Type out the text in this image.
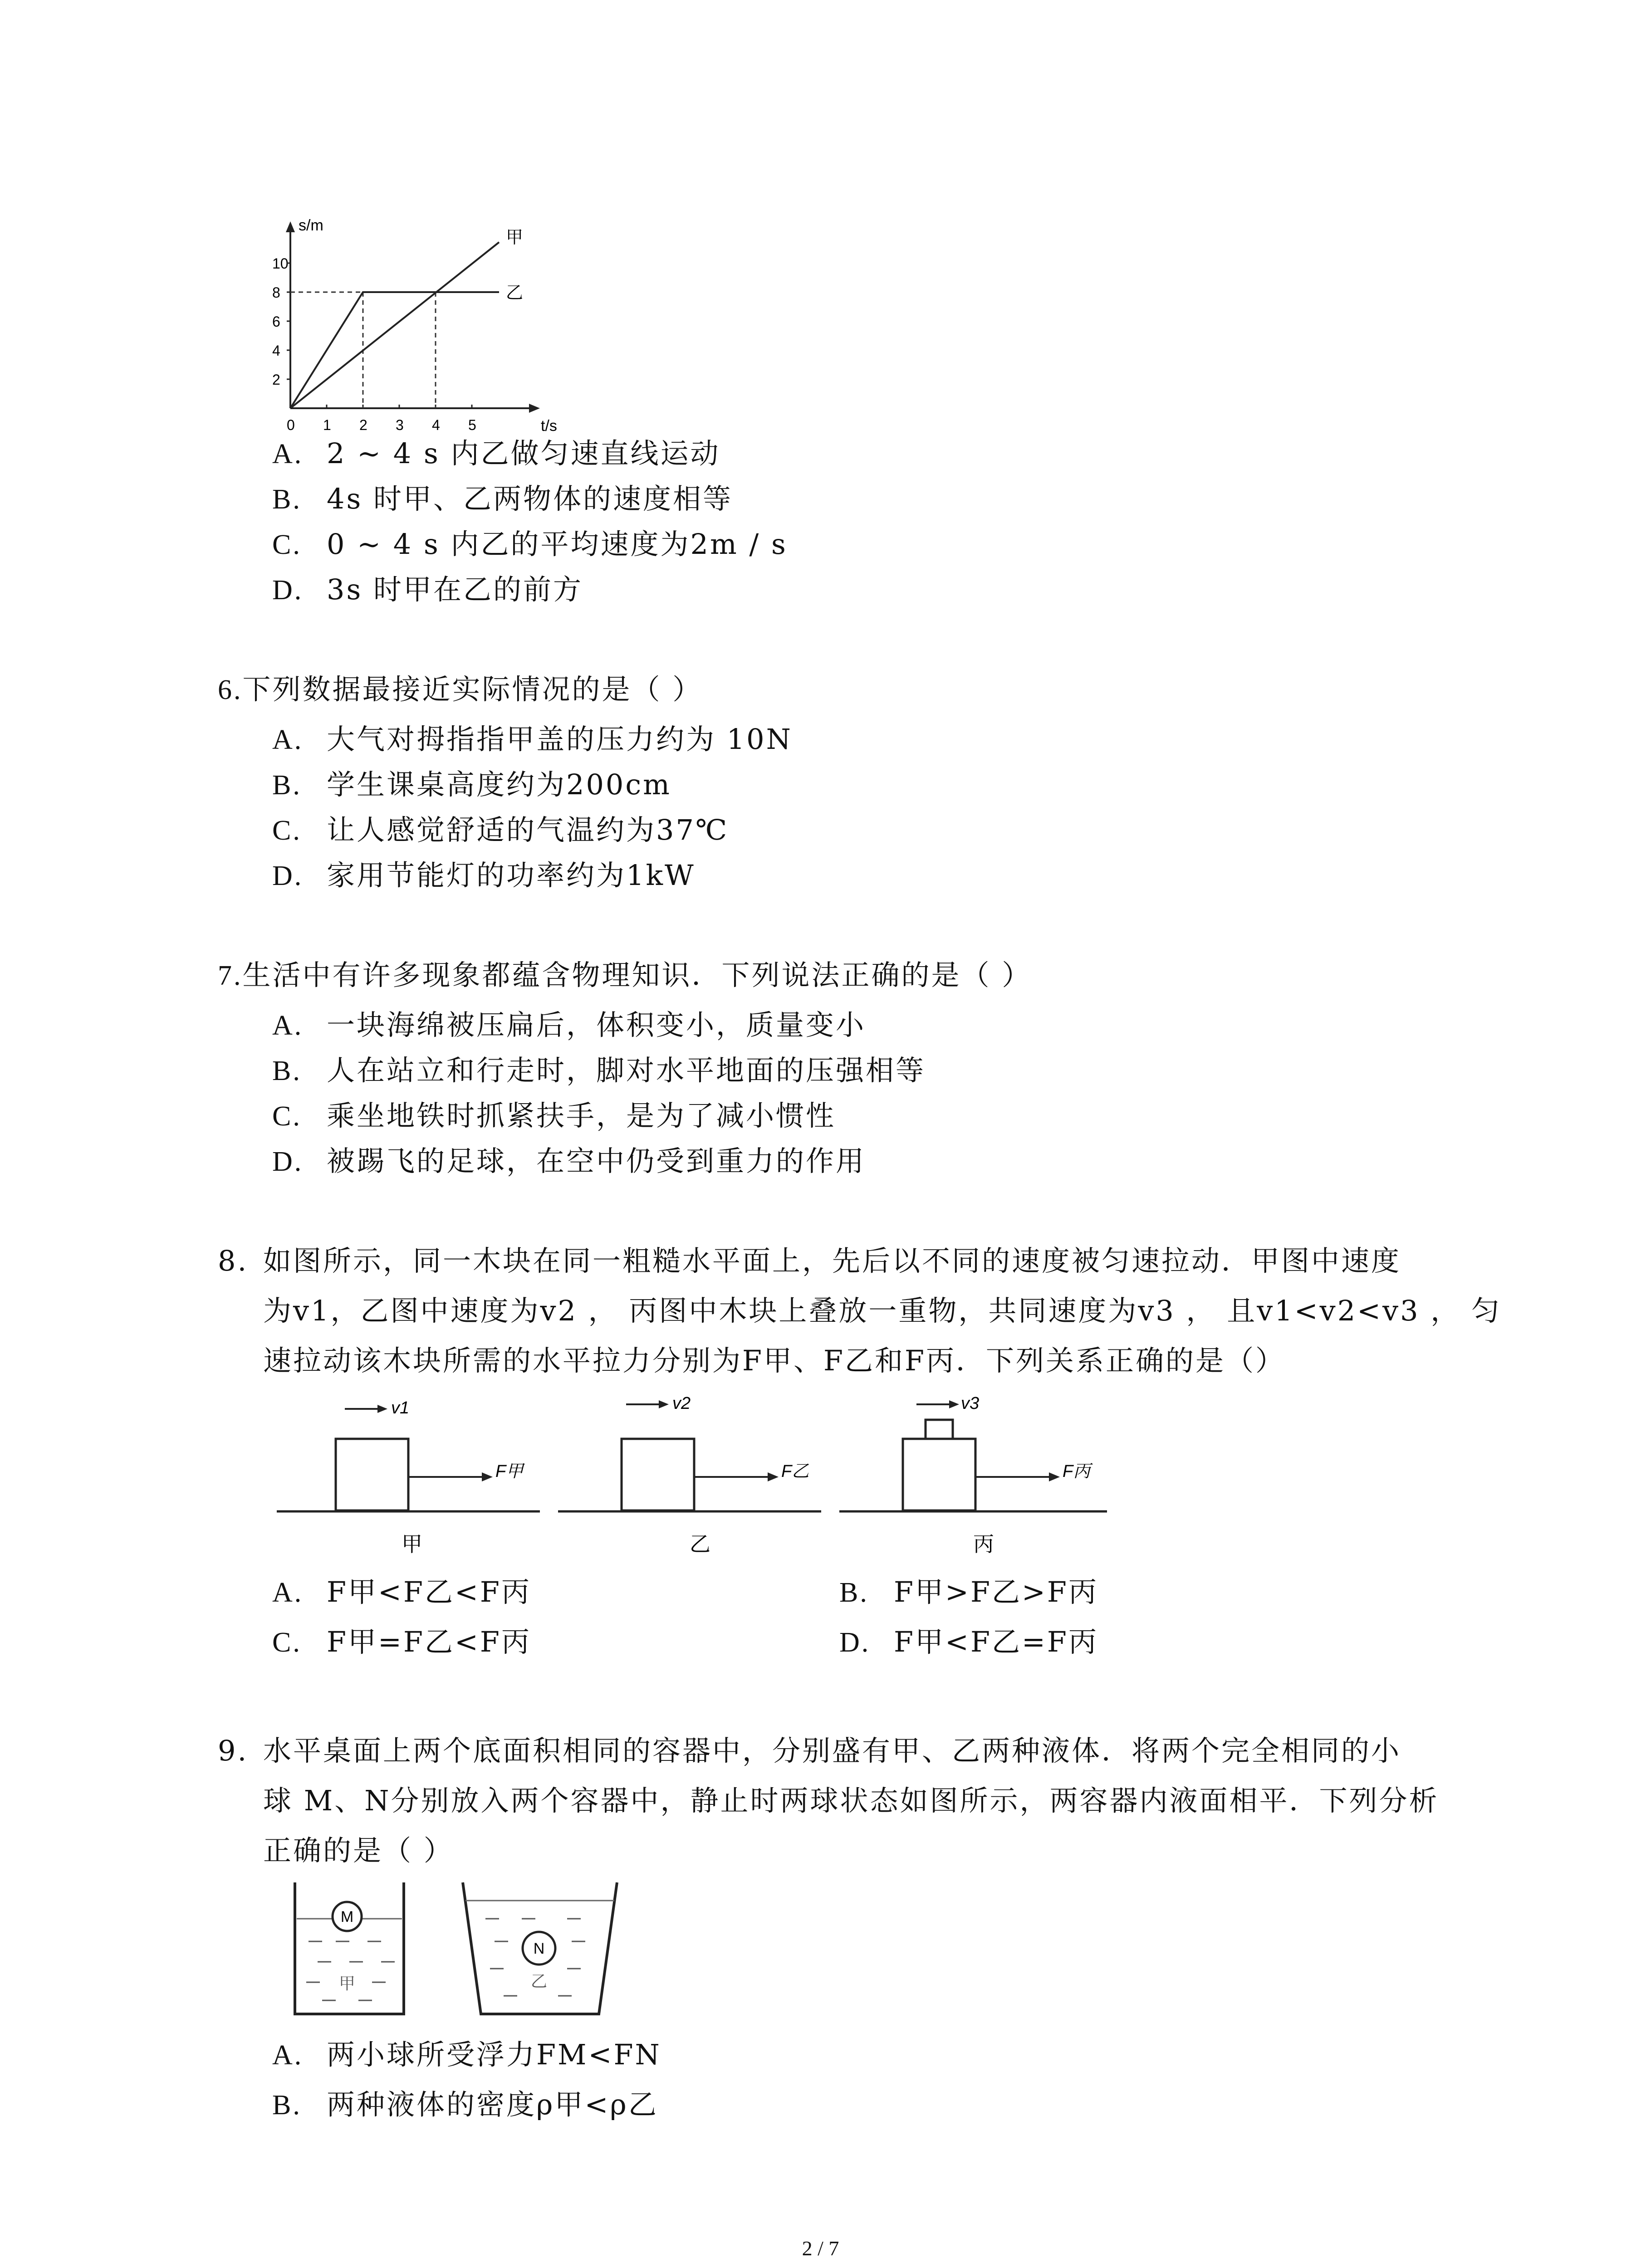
s/m
t/s
10
8
6
4
2
0 1 2 3 4 5
甲
乙
A. 2 ~ 4 s 内乙做匀速直线运动
B. 4s 时甲、乙两物体的速度相等
C. 0 ~ 4 s 内乙的平均速度为2m / s
D. 3s 时甲在乙的前方
6.下列数据最接近实际情况的是（ ）
A. 大气对拇指指甲盖的压力约为 10N
B. 学生课桌高度约为200cm
C. 让人感觉舒适的气温约为37℃
D. 家用节能灯的功率约为1kW
7.生活中有许多现象都蕴含物理知识．下列说法正确的是（ ）
A. 一块海绵被压扁后，体积变小，质量变小
B. 人在站立和行走时，脚对水平地面的压强相等
C. 乘坐地铁时抓紧扶手，是为了减小惯性
D. 被踢飞的足球，在空中仍受到重力的作用
8. 如图所示，同一木块在同一粗糙水平面上，先后以不同的速度被匀速拉动．甲图中速度
为v1，乙图中速度为v2 ， 丙图中木块上叠放一重物，共同速度为v3 ， 且v1<v2<v3 ， 匀
速拉动该木块所需的水平拉力分别为F甲、F乙和F丙．下列关系正确的是（）
v1
F甲
甲
v2
F乙
乙
v3
F丙
丙
A. F甲<F乙<F丙	B. F甲>F乙>F丙
C. F甲=F乙<F丙	D. F甲<F乙=F丙
9. 水平桌面上两个底面积相同的容器中，分别盛有甲、乙两种液体．将两个完全相同的小
球 M、N分别放入两个容器中，静止时两球状态如图所示，两容器内液面相平．下列分析
正确的是（ ）
M
甲
N
乙
A. 两小球所受浮力FM<FN
B. 两种液体的密度ρ甲<ρ乙
2 / 7
